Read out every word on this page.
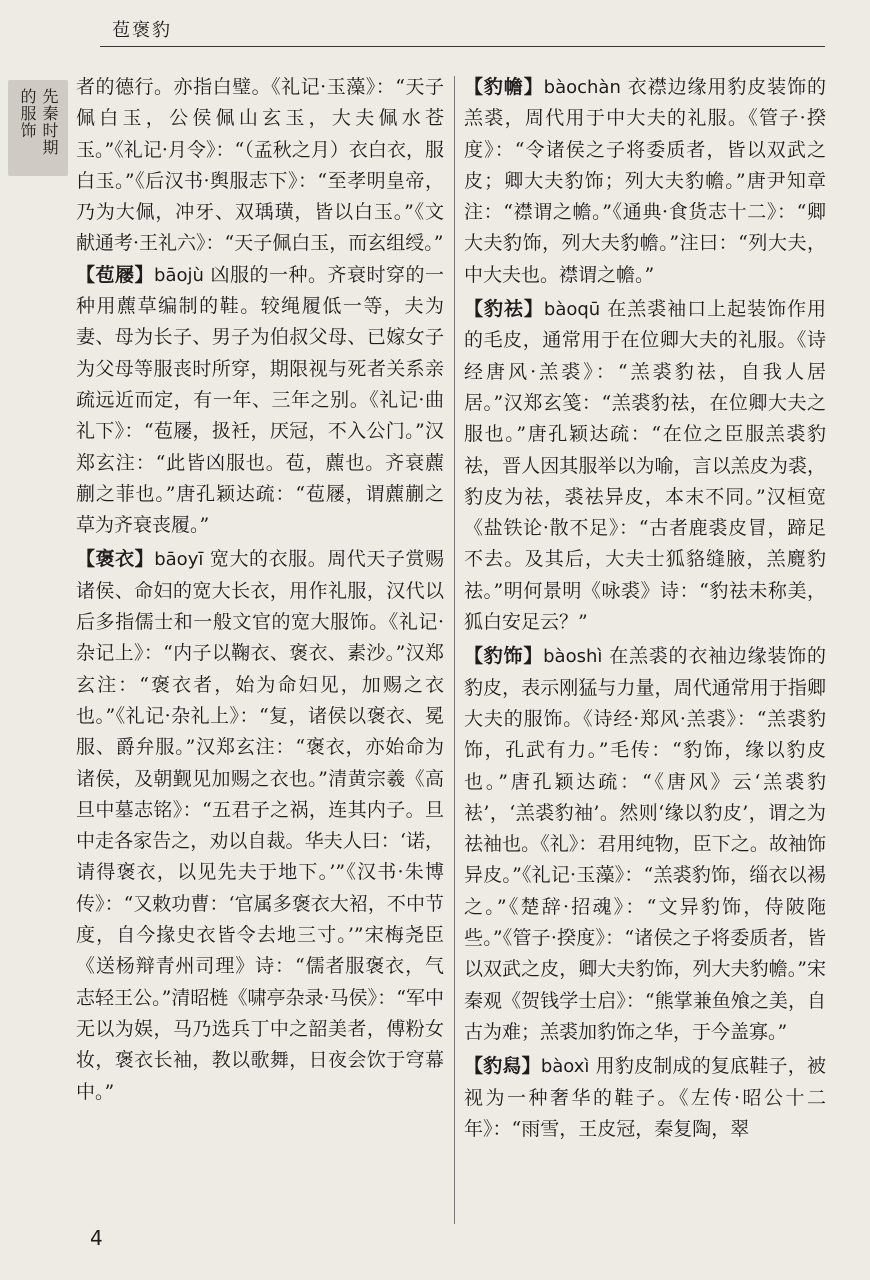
苞褒豹
先秦时期
的服饰

者的德行。亦指白璧。《礼记·玉藻》：“天子佩白玉，公侯佩山玄玉，大夫佩水苍玉。”《礼记·月令》：“（孟秋之月）衣白衣，服白玉。”《后汉书·舆服志下》：“至孝明皇帝，乃为大佩，冲牙、双瑀璜，皆以白玉。”《文献通考·王礼六》：“天子佩白玉，而玄组绶。”

【苞屦】bāojù 凶服的一种。齐衰时穿的一种用藨草编制的鞋。较绳履低一等，夫为妻、母为长子、男子为伯叔父母、已嫁女子为父母等服丧时所穿，期限视与死者关系亲疏远近而定，有一年、三年之别。《礼记·曲礼下》：“苞屦，扱衽，厌冠，不入公门。”汉郑玄注：“此皆凶服也。苞，藨也。齐衰藨蒯之菲也。”唐孔颖达疏：“苞屦，谓藨蒯之草为齐衰丧履。”

【褒衣】bāoyī 宽大的衣服。周代天子赏赐诸侯、命妇的宽大长衣，用作礼服，汉代以后多指儒士和一般文官的宽大服饰。《礼记·杂记上》：“内子以鞠衣、褒衣、素沙。”汉郑玄注：“褒衣者，始为命妇见，加赐之衣也。”《礼记·杂礼上》：“复，诸侯以褒衣、冕服、爵弁服。”汉郑玄注：“褒衣，亦始命为诸侯，及朝觐见加赐之衣也。”清黄宗羲《高旦中墓志铭》：“五君子之祸，连其内子。旦中走各家告之，劝以自裁。华夫人曰：‘诺，请得褒衣，以见先夫于地下。’”《汉书·朱博传》：“又敕功曹：‘官属多褒衣大袑，不中节度，自今掾史衣皆令去地三寸。’”宋梅尧臣《送杨辩青州司理》诗：“儒者服褒衣，气志轻王公。”清昭梿《啸亭杂录·马侯》：“军中无以为娱，马乃选兵丁中之韶美者，傅粉女妆，褒衣长袖，教以歌舞，日夜会饮于穹幕中。”

【豹幨】bàochàn 衣襟边缘用豹皮装饰的羔裘，周代用于中大夫的礼服。《管子·揆度》：“令诸侯之子将委质者，皆以双武之皮；卿大夫豹饰；列大夫豹幨。”唐尹知章注：“襟谓之幨。”《通典·食货志十二》：“卿大夫豹饰，列大夫豹幨。”注曰：“列大夫，中大夫也。襟谓之幨。”

【豹祛】bàoqū 在羔裘袖口上起装饰作用的毛皮，通常用于在位卿大夫的礼服。《诗经唐风·羔裘》：“羔裘豹祛，自我人居居。”汉郑玄笺：“羔裘豹祛，在位卿大夫之服也。”唐孔颖达疏：“在位之臣服羔裘豹祛，晋人因其服举以为喻，言以羔皮为裘，豹皮为祛，裘祛异皮，本末不同。”汉桓宽《盐铁论·散不足》：“古者鹿裘皮冒，蹄足不去。及其后，大夫士狐貉缝腋，羔麑豹祛。”明何景明《咏裘》诗：“豹祛未称美，狐白安足云？”

【豹饰】bàoshì 在羔裘的衣袖边缘装饰的豹皮，表示刚猛与力量，周代通常用于指卿大夫的服饰。《诗经·郑风·羔裘》：“羔裘豹饰，孔武有力。”毛传：“豹饰，缘以豹皮也。”唐孔颖达疏：“《唐风》云‘羔裘豹袪’，‘羔裘豹袖’。然则‘缘以豹皮’，谓之为祛袖也。《礼》：君用纯物，臣下之。故袖饰异皮。”《礼记·玉藻》：“羔裘豹饰，缁衣以裼之。”《楚辞·招魂》：“文异豹饰，侍陂陁些。”《管子·揆度》：“诸侯之子将委质者，皆以双武之皮，卿大夫豹饰，列大夫豹幨。”宋秦观《贺钱学士启》：“熊掌兼鱼飧之美，自古为难；羔裘加豹饰之华，于今盖寡。”

【豹舄】bàoxì 用豹皮制成的复底鞋子，被视为一种奢华的鞋子。《左传·昭公十二年》：“雨雪，王皮冠，秦复陶，翠

4
